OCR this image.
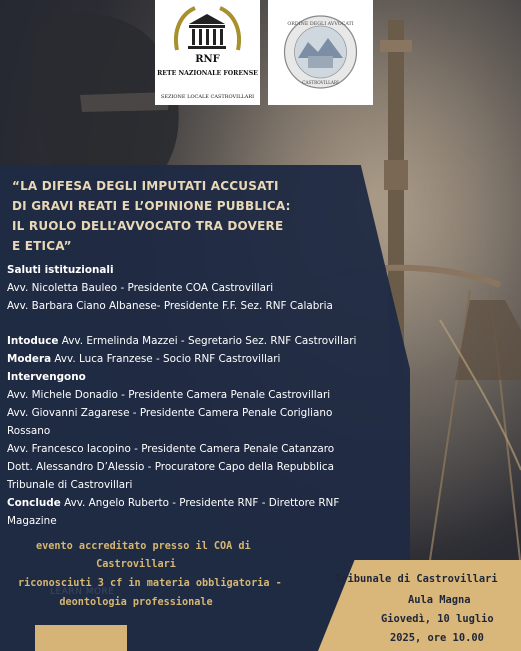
RNF
RETE NAZIONALE FORENSE
SEZIONE LOCALE CASTROVILLARI
ORDINE DEGLI AVVOCATI
CASTROVILLARI
“LA DIFESA DEGLI IMPUTATI ACCUSATI
DI GRAVI REATI E L’OPINIONE PUBBLICA:
IL RUOLO DELL’AVVOCATO TRA DOVERE
E ETICA”
Saluti istituzionali
Avv. Nicoletta Bauleo - Presidente COA Castrovillari
Avv. Barbara Ciano Albanese- Presidente F.F. Sez. RNF Calabria
Intoduce Avv. Ermelinda Mazzei - Segretario Sez. RNF Castrovillari
Modera Avv. Luca Franzese - Socio RNF Castrovillari
Intervengono
Avv. Michele Donadio - Presidente Camera Penale Castrovillari
Avv. Giovanni Zagarese - Presidente Camera Penale Corigliano
Rossano
Avv. Francesco Iacopino - Presidente Camera Penale Catanzaro
Dott. Alessandro D’Alessio - Procuratore Capo della Repubblica
Tribunale di Castrovillari
Conclude Avv. Angelo Ruberto - Presidente RNF - Direttore RNF
Magazine
evento accreditato presso il COA di
Castrovillari
LEARN MORE
riconosciuti 3 cf in materia obbligatoria -
deontologia professionale
Tribunale di Castrovillari
Aula Magna
Giovedì, 10 luglio
2025, ore 10.00
